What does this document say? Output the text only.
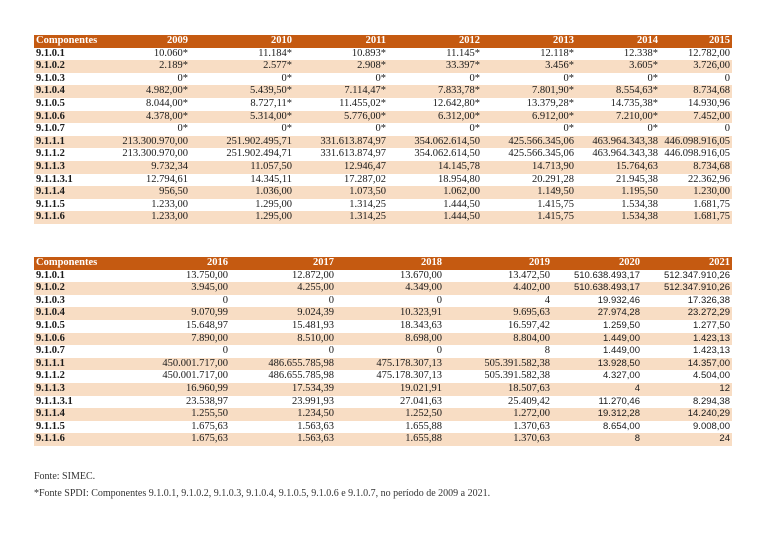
Componentes	2009	2010	2011	2012	2013	2014	2015
9.1.0.1	10.060*	11.184*	10.893*	11.145*	12.118*	12.338*	12.782,00
9.1.0.2	2.189*	2.577*	2.908*	33.397*	3.456*	3.605*	3.726,00
9.1.0.3	0*	0*	0*	0*	0*	0*	0
9.1.0.4	4.982,00*	5.439,50*	7.114,47*	7.833,78*	7.801,90*	8.554,63*	8.734,68
9.1.0.5	8.044,00*	8.727,11*	11.455,02*	12.642,80*	13.379,28*	14.735,38*	14.930,96
9.1.0.6	4.378,00*	5.314,00*	5.776,00*	6.312,00*	6.912,00*	7.210,00*	7.452,00
9.1.0.7	0*	0*	0*	0*	0*	0*	0
9.1.1.1	213.300.970,00	251.902.495,71	331.613.874,97	354.062.614,50	425.566.345,06	463.964.343,38	446.098.916,05
9.1.1.2	213.300.970,00	251.902.494,71	331.613.874,97	354.062.614,50	425.566.345,06	463.964.343,38	446.098.916,05
9.1.1.3	9.732,34	11.057,50	12.946,47	14.145,78	14.713,90	15.764,63	8.734,68
9.1.1.3.1	12.794,61	14.345,11	17.287,02	18.954,80	20.291,28	21.945,38	22.362,96
9.1.1.4	956,50	1.036,00	1.073,50	1.062,00	1.149,50	1.195,50	1.230,00
9.1.1.5	1.233,00	1.295,00	1.314,25	1.444,50	1.415,75	1.534,38	1.681,75
9.1.1.6	1.233,00	1.295,00	1.314,25	1.444,50	1.415,75	1.534,38	1.681,75
Componentes	2016	2017	2018	2019	2020	2021
9.1.0.1	13.750,00	12.872,00	13.670,00	13.472,50	510.638.493,17	512.347.910,26
9.1.0.2	3.945,00	4.255,00	4.349,00	4.402,00	510.638.493,17	512.347.910,26
9.1.0.3	0	0	0	4	19.932,46	17.326,38
9.1.0.4	9.070,99	9.024,39	10.323,91	9.695,63	27.974,28	23.272,29
9.1.0.5	15.648,97	15.481,93	18.343,63	16.597,42	1.259,50	1.277,50
9.1.0.6	7.890,00	8.510,00	8.698,00	8.804,00	1.449,00	1.423,13
9.1.0.7	0	0	0	8	1.449,00	1.423,13
9.1.1.1	450.001.717,00	486.655.785,98	475.178.307,13	505.391.582,38	13.928,50	14.357,00
9.1.1.2	450.001.717,00	486.655.785,98	475.178.307,13	505.391.582,38	4.327,00	4.504,00
9.1.1.3	16.960,99	17.534,39	19.021,91	18.507,63	4	12
9.1.1.3.1	23.538,97	23.991,93	27.041,63	25.409,42	11.270,46	8.294,38
9.1.1.4	1.255,50	1.234,50	1.252,50	1.272,00	19.312,28	14.240,29
9.1.1.5	1.675,63	1.563,63	1.655,88	1.370,63	8.654,00	9.008,00
9.1.1.6	1.675,63	1.563,63	1.655,88	1.370,63	8	24
Fonte: SIMEC.
*Fonte SPDI: Componentes 9.1.0.1, 9.1.0.2, 9.1.0.3, 9.1.0.4, 9.1.0.5, 9.1.0.6 e 9.1.0.7, no período de 2009 a 2021.
